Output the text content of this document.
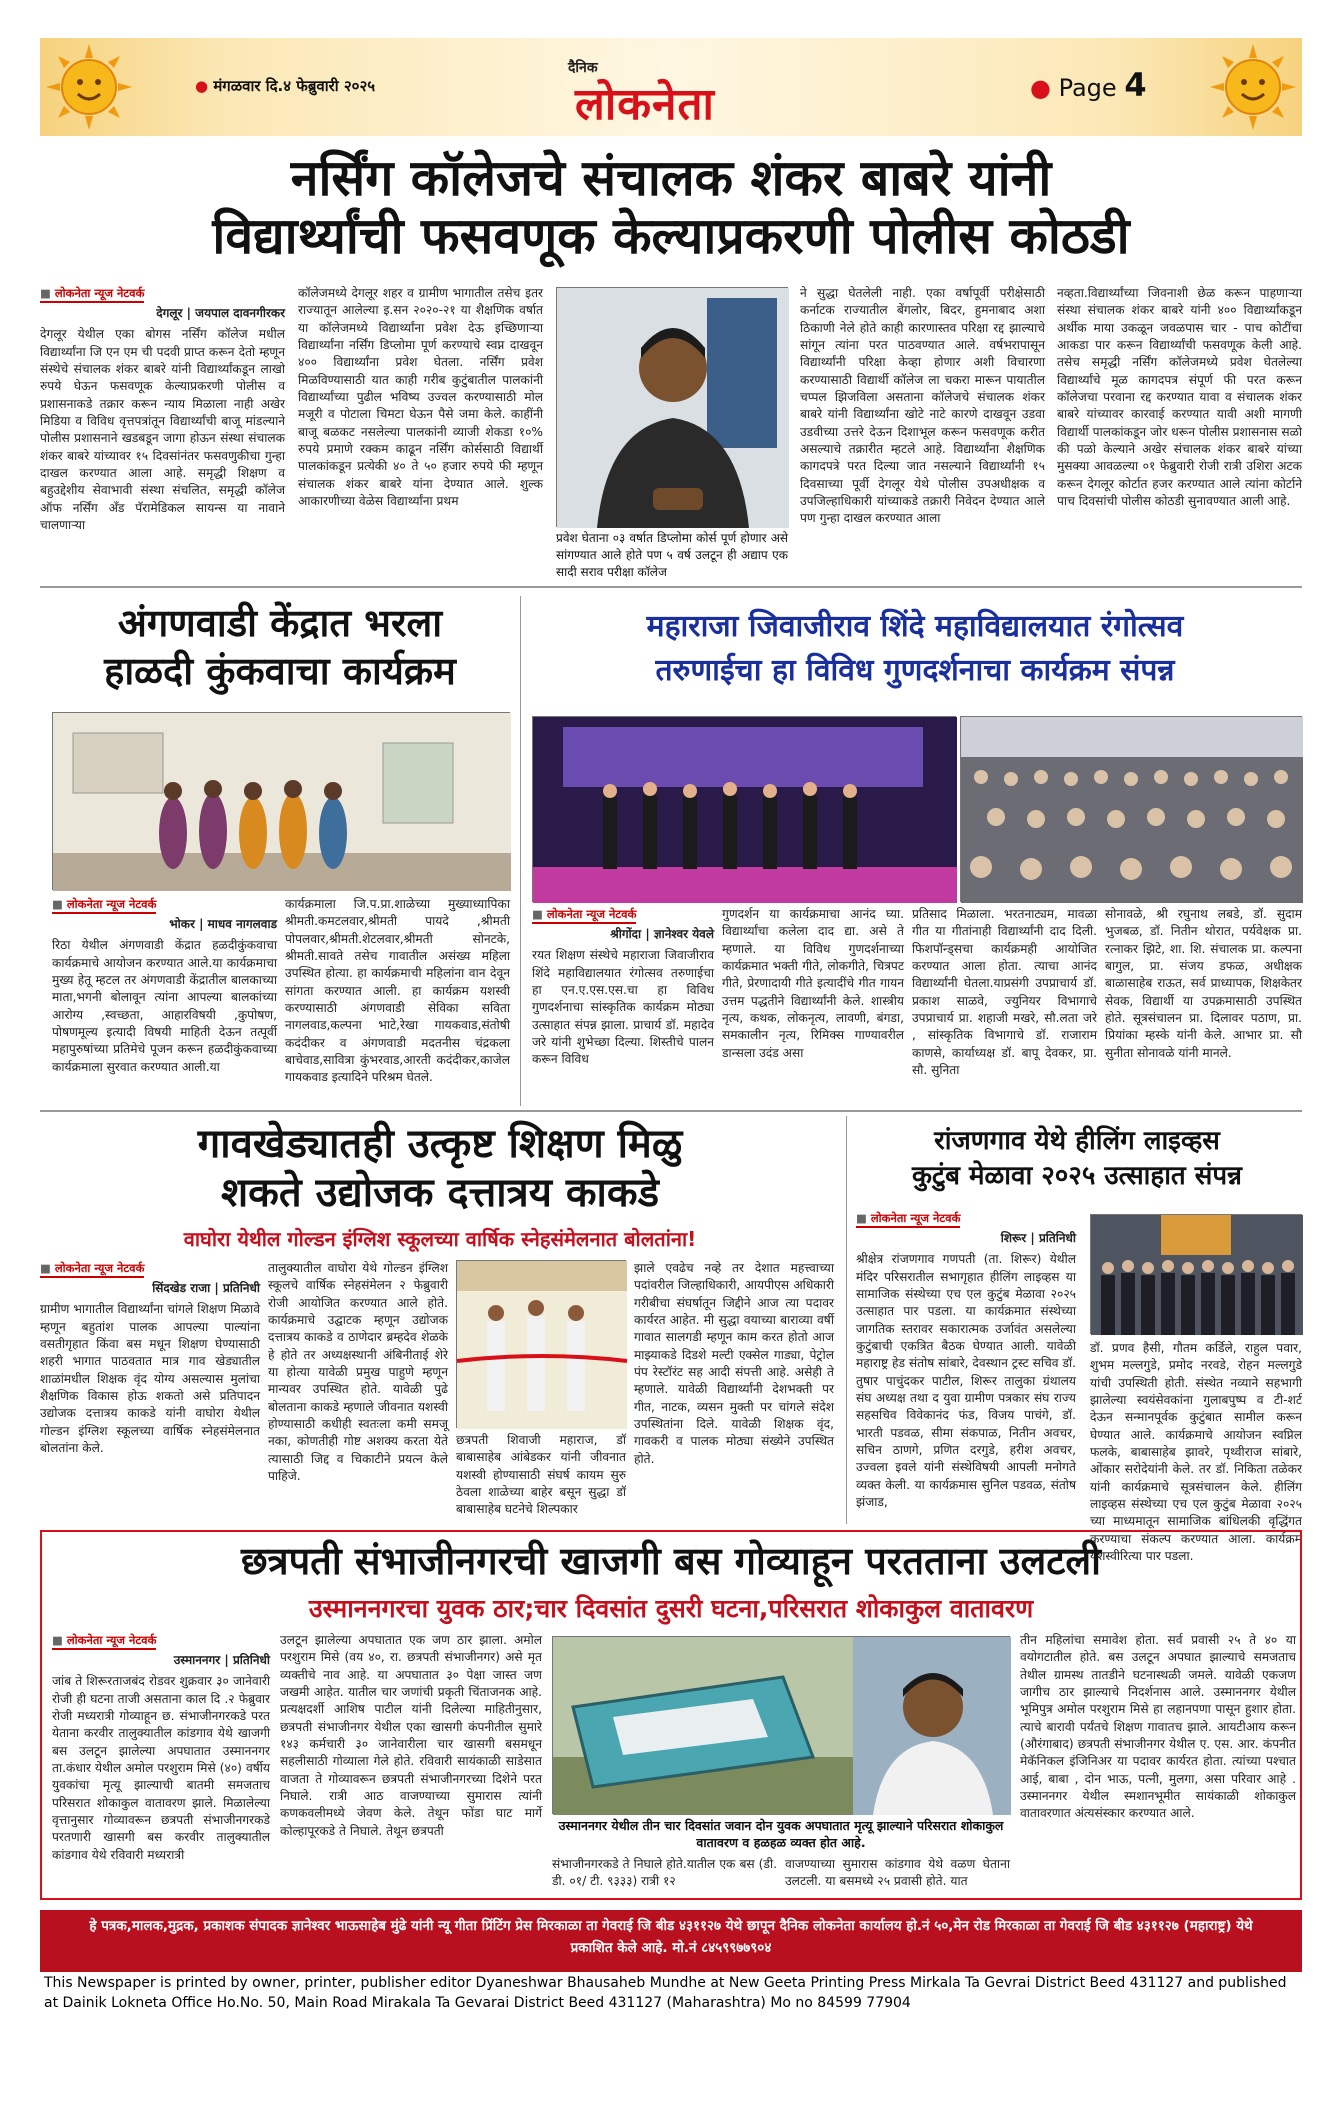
● मंगळवार दि.४ फेब्रुवारी २०२५
दैनिक
लोकनेता	● Page 4
नर्सिंग कॉलेजचे संचालक शंकर बाबरे यांनी
विद्यार्थ्यांची फसवणूक केल्याप्रकरणी पोलीस कोठडी
■ लोकनेता न्यूज नेटवर्क
देगलूर | जयपाल दावनगीरकर
देगलूर येथील एका बोगस नर्सिंग कॉलेज मधील विद्यार्थ्यांना जि एन एम ची पदवी प्राप्त करून देतो म्हणून संस्थेचे संचालक शंकर बाबरे यांनी विद्यार्थ्यांकडून लाखो रुपये घेऊन फसवणूक केल्याप्रकरणी पोलीस व प्रशासनाकडे तक्रार करून न्याय मिळाला नाही अखेर मिडिया व विविध वृत्तपत्रांतून विद्यार्थ्यांची बाजू मांडल्याने पोलीस प्रशासनाने खडबडून जागा होऊन संस्था संचालक शंकर बाबरे यांच्यावर १५ दिवसांनंतर फसवणुकीचा गुन्हा दाखल करण्यात आला आहे. समृद्धी शिक्षण व बहुउद्देशीय सेवाभावी संस्था संचलित, समृद्धी कॉलेज ऑफ नर्सिंग अँड पॅरामेडिकल सायन्स या नावाने चालणाऱ्या
कॉलेजमध्ये देगलूर शहर व ग्रामीण भागातील तसेच इतर राज्यातून आलेल्या इ.सन २०२०-२१ या शैक्षणिक वर्षात या कॉलेजमध्ये विद्यार्थ्यांना प्रवेश देऊ इच्छिणाऱ्या विद्यार्थ्यांना नर्सिंग डिप्लोमा पूर्ण करण्याचे स्वप्न दाखवून ४०० विद्यार्थ्यांना प्रवेश घेतला. नर्सिंग प्रवेश मिळविण्यासाठी यात काही गरीब कुटुंबातील पालकांनी विद्यार्थ्यांच्या पुढील भविष्य उज्वल करण्यासाठी मोल मजूरी व पोटाला चिमटा घेऊन पैसे जमा केले. काहींनी बाजू बळकट नसलेल्या पालकांनी व्याजी शेकडा १०% रुपये प्रमाणे रक्कम काढून नर्सिंग कोर्ससाठी विद्यार्थी पालकांकडून प्रत्येकी ४० ते ५० हजार रुपये फी म्हणून संचालक शंकर बाबरे यांना देण्यात आले. शुल्क आकारणीच्या वेळेस विद्यार्थ्यांना प्रथम
प्रवेश घेताना ०३ वर्षात डिप्लोमा कोर्स पूर्ण होणार असे सांगण्यात आले होते पण ५ वर्ष उलटून ही अद्याप एक सादी सराव परीक्षा कॉलेज
ने सुद्धा घेतलेली नाही. एका वर्षापूर्वी परीक्षेसाठी कर्नाटक राज्यातील बेंगलोर, बिदर, हुमनाबाद अशा ठिकाणी नेले होते काही कारणास्तव परिक्षा रद्द झाल्याचे सांगून त्यांना परत पाठवण्यात आले. वर्षभरापासून विद्यार्थ्यांनी परिक्षा केव्हा होणार अशी विचारणा करण्यासाठी विद्यार्थी कॉलेज ला चकरा मारून पायातील चप्पल झिजविला असताना कॉलेजचे संचालक शंकर बाबरे यांनी विद्यार्थ्यांना खोटे नाटे कारणे दाखवून उडवा उडवीच्या उत्तरे देऊन दिशाभूल करून फसवणूक करीत असल्याचे तक्रारीत म्हटले आहे. विद्यार्थ्यांना शैक्षणिक कागदपत्रे परत दिल्या जात नसल्याने विद्यार्थ्यांनी १५ दिवसाच्या पूर्वी देगलूर येथे पोलीस उपअधीक्षक व उपजिल्हाधिकारी यांच्याकडे तक्रारी निवेदन देण्यात आले पण गुन्हा दाखल करण्यात आला
नव्हता.विद्यार्थ्यांच्या जिवनाशी छेळ करून पाहणाऱ्या संस्था संचालक शंकर बाबरे यांनी ४०० विद्यार्थ्यांकडून अर्थीक माया उकळून जवळपास चार - पाच कोटींचा आकडा पार करून विद्यार्थ्यांची फसवणूक केली आहे. तसेच समृद्धी नर्सिंग कॉलेजमध्ये प्रवेश घेतलेल्या विद्यार्थ्यांचे मूळ कागदपत्र संपूर्ण फी परत करून कॉलेजचा परवाना रद्द करण्यात यावा व संचालक शंकर बाबरे यांच्यावर कारवाई करण्यात यावी अशी मागणी विद्यार्थी पालकांकडून जोर धरून पोलीस प्रशासनास सळो की पळो केल्याने अखेर संचालक शंकर बाबरे यांच्या मुसक्या आवळल्या ०१ फेब्रुवारी रोजी रात्री उशिरा अटक करून देगलूर कोर्टात हजर करण्यात आले त्यांना कोर्टाने पाच दिवसांची पोलीस कोठडी सुनावण्यात आली आहे.
अंगणवाडी केंद्रात भरला
हाळदी कुंकवाचा कार्यक्रम
■ लोकनेता न्यूज नेटवर्क
भोकर | माधव नागलवाड
रिठा येथील अंगणवाडी केंद्रात हळदीकुंकवाचा कार्यक्रमाचे आयोजन करण्यात आले.या कार्यक्रमाचा मुख्य हेतू म्हटल तर अंगणवाडी केंद्रातील बालकाच्या माता,भगनी बोलावून त्यांना आपल्या बालकांच्या आरोग्य ,स्वच्छता, आहारविषयी ,कुपोषण, पोषणमूल्य इत्यादी विषयी माहिती देऊन तत्पूर्वी महापुरुषांच्या प्रतिमेचे पूजन करून हळदीकुंकवाच्या कार्यक्रमाला सुरवात करण्यात आली.या
कार्यक्रमाला जि.प.प्रा.शाळेच्या मुख्याध्यापिका श्रीमती.कमटलवार,श्रीमती पायदे ,श्रीमती पोपलवार,श्रीमती.शेटलवार,श्रीमती सोनटके, श्रीमती.सावते तसेच गावातील असंख्य महिला उपस्थित होत्या. हा कार्यक्रमाची महिलांना वान देवून सांगता करण्यात आली. हा कार्यक्रम यशस्वी करण्यासाठी अंगणवाडी सेविका सविता नागलवाड,कल्पना भाटे,रेखा गायकवाड,संतोषी कदंदीकर व अंगणवाडी मदतनीस चंद्रकला बाचेवाड,सावित्रा कुंभरवाड,आरती कदंदीकर,काजेल गायकवाड इत्यादिने परिश्रम घेतले.
महाराजा जिवाजीराव शिंदे महाविद्यालयात रंगोत्सव
तरुणाईचा हा विविध गुणदर्शनाचा कार्यक्रम संपन्न
■ लोकनेता न्यूज नेटवर्क
श्रीगोंदा | ज्ञानेश्वर येवले
रयत शिक्षण संस्थेचे महाराजा जिवाजीराव शिंदे महाविद्यालयात रंगोत्सव तरुणाईचा हा एन.ए.एस.एस.चा हा विविध गुणदर्शनाचा सांस्कृतिक कार्यक्रम मोठ्या उत्साहात संपन्न झाला. प्राचार्य डॉ. महादेव जरे यांनी शुभेच्छा दिल्या. शिस्तीचे पालन करून विविध
गुणदर्शन या कार्यक्रमाचा आनंद घ्या. विद्यार्थ्यांचा कलेला दाद द्या. असे ते म्हणाले. या विविध गुणदर्शनाच्या कार्यक्रमात भक्ती गीते, लोकगीते, चित्रपट गीते, प्रेरणादायी गीते इत्यादींचे गीत गायन उत्तम पद्धतीने विद्यार्थ्यांनी केले. शास्त्रीय नृत्य, कथक, लोकनृत्य, लावणी, बंगडा, समकालीन नृत्य, रिमिक्स गाण्यावरील डान्सला उदंड असा
प्रतिसाद मिळाला. भरतनाट्यम, मावळा गीत या गीतांनाही विद्यार्थ्यांनी दाद दिली. फिशपॉन्ड्सचा कार्यक्रमही आयोजित करण्यात आला होता. त्याचा आनंद विद्यार्थ्यांनी घेतला.याप्रसंगी उपप्राचार्य डॉ. प्रकाश साळवे, ज्युनियर विभागाचे उपप्राचार्य प्रा. शहाजी मखरे, सौ.लता जरे , सांस्कृतिक विभागाचे डॉ. राजाराम काणसे, कार्याध्यक्ष डॉ. बापू देवकर, प्रा. सौ. सुनिता
सोनावळे, श्री रघुनाथ लबडे, डॉ. सुदाम भुजबळ, डॉ. नितीन थोरात, पर्यवेक्षक प्रा. रत्नाकर झिटे, शा. शि. संचालक प्रा. कल्पना बागुल, प्रा. संजय डफळ, अधीक्षक बाळासाहेब राऊत, सर्व प्राध्यापक, शिक्षकेतर सेवक, विद्यार्थी या उपक्रमासाठी उपस्थित होते. सूत्रसंचालन प्रा. दिलावर पठाण, प्रा. प्रियांका म्हस्के यांनी केले. आभार प्रा. सौ सुनीता सोनावळे यांनी मानले.
गावखेड्यातही उत्कृष्ट शिक्षण मिळु
शकते उद्योजक दत्तात्रय काकडे
वाघोरा येथील गोल्डन इंग्लिश स्कूलच्या वार्षिक स्नेहसंमेलनात बोलतांना!
■ लोकनेता न्यूज नेटवर्क
सिंदखेड राजा | प्रतिनिधी
ग्रामीण भागातील विद्यार्थ्यांना चांगले शिक्षण मिळावे म्हणून बहुतांश पालक आपल्या पाल्यांना वसतीगृहात किंवा बस मधून शिक्षण घेण्यासाठी शहरी भागात पाठवतात मात्र गाव खेड्यातील शाळांमधील शिक्षक वृंद योग्य असल्यास मुलांचा शैक्षणिक विकास होऊ शकतो असे प्रतिपादन उद्योजक दत्तात्रय काकडे यांनी वाघोरा येथील गोल्डन इंग्लिश स्कूलच्या वार्षिक स्नेहसंमेलनात बोलतांना केले.
तालुक्यातील वाघोरा येथे गोल्डन इंग्लिश स्कूलचे वार्षिक स्नेहसंमेलन २ फेब्रुवारी रोजी आयोजित करण्यात आले होते. कार्यक्रमाचे उद्घाटक म्हणून उद्योजक दत्तात्रय काकडे व ठाणेदार ब्रम्हदेव शेळके हे होते तर अध्यक्षस्थानी अंबिनीताई शेरे या होत्या यावेळी प्रमुख पाहुणे म्हणून मान्यवर उपस्थित होते. यावेळी पुढे बोलताना काकडे म्हणाले जीवनात यशस्वी होण्यासाठी कधीही स्वतःला कमी समजू नका, कोणतीही गोष्ट अशक्य करता येते त्यासाठी जिद्द व चिकाटीने प्रयत्न केले पाहिजे.
छत्रपती शिवाजी महाराज, डॉ बाबासाहेब आंबेडकर यांनी जीवनात यशस्वी होण्यासाठी संघर्ष कायम सुरु ठेवला शाळेच्या बाहेर बसून सुद्धा डॉ बाबासाहेब घटनेचे शिल्पकार
झाले एवढेच नव्हे तर देशात महत्त्वाच्या पदांवरील जिल्हाधिकारी, आयपीएस अधिकारी गरीबीचा संघर्षातून जिद्दीने आज त्या पदावर कार्यरत आहेत. मी सुद्धा वयाच्या बाराव्या वर्षी गावात सालगडी म्हणून काम करत होतो आज माझ्याकडे दिडशे मल्टी एक्सेल गाड्या, पेट्रोल पंप रेस्टॉरंट सह आदी संपत्ती आहे. असेही ते म्हणाले. यावेळी विद्यार्थ्यांनी देशभक्ती पर गीत, नाटक, व्यसन मुक्ती पर चांगले संदेश उपस्थितांना दिले. यावेळी शिक्षक वृंद, गावकरी व पालक मोठ्या संख्येने उपस्थित होते.
रांजणगाव येथे हीलिंग लाइव्हस
कुटुंब मेळावा २०२५ उत्साहात संपन्न
■ लोकनेता न्यूज नेटवर्क
शिरूर | प्रतिनिधी
श्रीक्षेत्र रांजणगाव गणपती (ता. शिरूर) येथील मंदिर परिसरातील सभागृहात हीलिंग लाइव्हस या सामाजिक संस्थेच्या एच एल कुटुंब मेळावा २०२५ उत्साहात पार पडला. या कार्यक्रमात संस्थेच्या जागतिक स्तरावर सकारात्मक उर्जावंत असलेल्या कुटुंबाची एकत्रित बैठक घेण्यात आली. यावेळी महाराष्ट्र हेड संतोष सांबारे, देवस्थान ट्रस्ट सचिव डॉ. तुषार पाचुंदकर पाटील, शिरूर तालुका ग्रंथालय संघ अध्यक्ष तथा द युवा ग्रामीण पत्रकार संघ राज्य सहसचिव विवेकानंद फंड, विजय पाचंगे, डॉ. भारती पडवळ, सीमा संकपाळ, नितीन अवचर, सचिन ठाणगे, प्रणित दरगुडे, हरीश अवचर, उज्वला इवले यांनी संस्थेविषयी आपली मनोगते व्यक्त केली. या कार्यक्रमास सुनिल पडवळ, संतोष झंजाड,
डॉ. प्रणव हैसी, गौतम कर्डिले, राहुल पवार, शुभम मल्लगुडे, प्रमोद नरवडे, रोहन मल्लगुडे यांची उपस्थिती होती. संस्थेत नव्याने सहभागी झालेल्या स्वयंसेवकांना गुलाबपुष्प व टी-शर्ट देऊन सन्मानपूर्वक कुटुंबात सामील करून घेण्यात आले. कार्यक्रमाचे आयोजन स्वप्निल फलके, बाबासाहेब झावरे, पृथ्वीराज सांबारे, ओंकार सरोदेयांनी केले. तर डॉ. निकिता तळेकर यांनी कार्यक्रमाचे सूत्रसंचालन केले. हीलिंग लाइव्हस संस्थेच्या एच एल कुटुंब मेळावा २०२५ च्या माध्यमातून सामाजिक बांधिलकी वृद्धिंगत करण्याचा संकल्प करण्यात आला. कार्यक्रम यशस्वीरित्या पार पडला.
छत्रपती संभाजीनगरची खाजगी बस गोव्याहून परतताना उलटली
उस्माननगरचा युवक ठार;चार दिवसांत दुसरी घटना,परिसरात शोकाकुल वातावरण
■ लोकनेता न्यूज नेटवर्क
उस्माननगर | प्रतिनिधी
जांब ते शिरूरताजबंद रोडवर शुक्रवार ३० जानेवारी रोजी ही घटना ताजी असताना काल दि .२ फेब्रुवार रोजी मध्यरात्री गोव्याहून छ. संभाजीनगरकडे परत येताना करवीर तालुक्यातील कांडगाव येथे खाजगी बस उलटून झालेल्या अपघातात उस्माननगर ता.कंधार येथील अमोल परशुराम मिसे (४०) वर्षीय युवकांचा मृत्यू झाल्याची बातमी समजताच परिसरात शोकाकुल वातावरण झाले. मिळालेल्या वृत्तानुसार गोव्यावरून छत्रपती संभाजीनगरकडे परतणारी खासगी बस करवीर तालुक्यातील कांडगाव येथे रविवारी मध्यरात्री
उलटून झालेल्या अपघातात एक जण ठार झाला. अमोल परशुराम मिसे (वय ४०, रा. छत्रपती संभाजीनगर) असे मृत व्यक्तीचे नाव आहे. या अपघातात ३० पेक्षा जास्त जण जखमी आहेत. यातील चार जणांची प्रकृती चिंताजनक आहे. प्रत्यक्षदर्शी आशिष पाटील यांनी दिलेल्या माहितीनुसार, छत्रपती संभाजीनगर येथील एका खासगी कंपनीतील सुमारे १४३ कर्मचारी ३० जानेवारीला चार खासगी बसमधून सहलीसाठी गोव्याला गेले होते. रविवारी सायंकाळी साडेसात वाजता ते गोव्यावरून छत्रपती संभाजीनगरच्या दिशेने परत निघाले. रात्री आठ वाजण्याच्या सुमारास त्यांनी कणकवलीमध्ये जेवण केले. तेथून फोंडा घाट मार्गे कोल्हापूरकडे ते निघाले. तेथून छत्रपती	उस्माननगर येथील तीन चार दिवसांत जवान दोन युवक अपघातात मृत्यू झाल्याने परिसरात शोकाकुल वातावरण व हळहळ व्यक्त होत आहे.
संभाजीनगरकडे ते निघाले होते.यातील एक बस (डी. डी. ०१/ टी. ९३३३) रात्री १२
वाजण्याच्या सुमारास कांडगाव येथे वळण घेताना उलटली. या बसमध्ये २५ प्रवासी होते. यात
तीन महिलांचा समावेश होता. सर्व प्रवासी २५ ते ४० या वयोगटातील होते. बस उलटून अपघात झाल्याचे समजताच तेथील ग्रामस्थ तातडीने घटनास्थळी जमले. यावेळी एकजण जागीच ठार झाल्याचे निदर्शनास आले. उस्माननगर येथील भूमिपुत्र अमोल परशुराम मिसे हा लहानपणा पासून हुशार होता. त्याचे बारावी पर्यंतचे शिक्षण गावातच झाले. आयटीआय करून (औरंगाबाद) छत्रपती संभाजीनगर येथील ए. एस. आर. कंपनीत मेकॅनिकल इंजिनिअर या पदावर कार्यरत होता. त्यांच्या पश्चात आई, बाबा , दोन भाऊ, पत्नी, मुलगा, असा परिवार आहे . उस्माननगर येथील स्मशानभूमीत सायंकाळी शोकाकुल वातावरणात अंत्यसंस्कार करण्यात आले.
हे पत्रक,मालक,मुद्रक, प्रकाशक संपादक ज्ञानेश्वर भाऊसाहेब मुंढे यांनी न्यू गीता प्रिंटिंग प्रेस मिरकाळा ता गेवराई जि बीड ४३११२७ येथे छापून दैनिक लोकनेता कार्यालय हो.नं ५०,मेन रोड मिरकाळा ता गेवराई जि बीड ४३११२७ (महाराष्ट्र) येथे प्रकाशित केले आहे. मो.नं ८४५९९७७९०४
This Newspaper is printed by owner, printer, publisher editor Dyaneshwar Bhausaheb Mundhe at New Geeta Printing Press Mirkala Ta Gevrai District Beed 431127 and published at Dainik Lokneta Office Ho.No. 50, Main Road Mirakala Ta Gevarai District Beed 431127 (Maharashtra) Mo no 84599 77904
